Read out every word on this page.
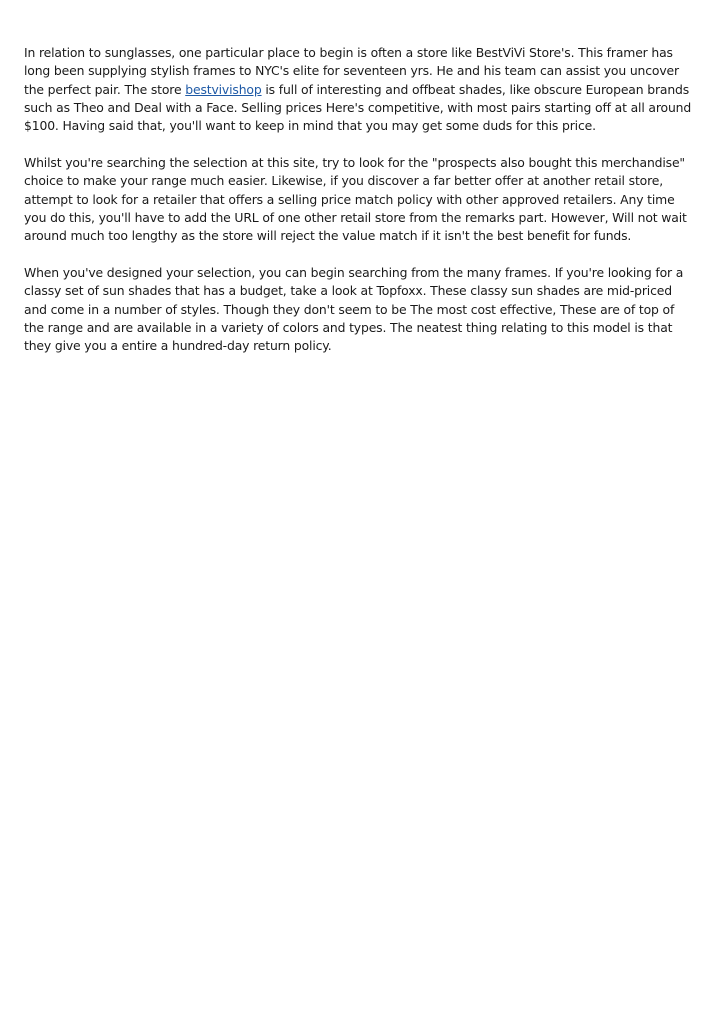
In relation to sunglasses, one particular place to begin is often a store like BestViVi Store's. This framer has long been supplying stylish frames to NYC's elite for seventeen yrs. He and his team can assist you uncover the perfect pair. The store bestvivishop is full of interesting and offbeat shades, like obscure European brands such as Theo and Deal with a Face. Selling prices Here's competitive, with most pairs starting off at all around $100. Having said that, you'll want to keep in mind that you may get some duds for this price.

Whilst you're searching the selection at this site, try to look for the "prospects also bought this merchandise" choice to make your range much easier. Likewise, if you discover a far better offer at another retail store, attempt to look for a retailer that offers a selling price match policy with other approved retailers. Any time you do this, you'll have to add the URL of one other retail store from the remarks part. However, Will not wait around much too lengthy as the store will reject the value match if it isn't the best benefit for funds.

When you've designed your selection, you can begin searching from the many frames. If you're looking for a classy set of sun shades that has a budget, take a look at Topfoxx. These classy sun shades are mid-priced and come in a number of styles. Though they don't seem to be The most cost effective, These are of top of the range and are available in a variety of colors and types. The neatest thing relating to this model is that they give you a entire a hundred-day return policy.
